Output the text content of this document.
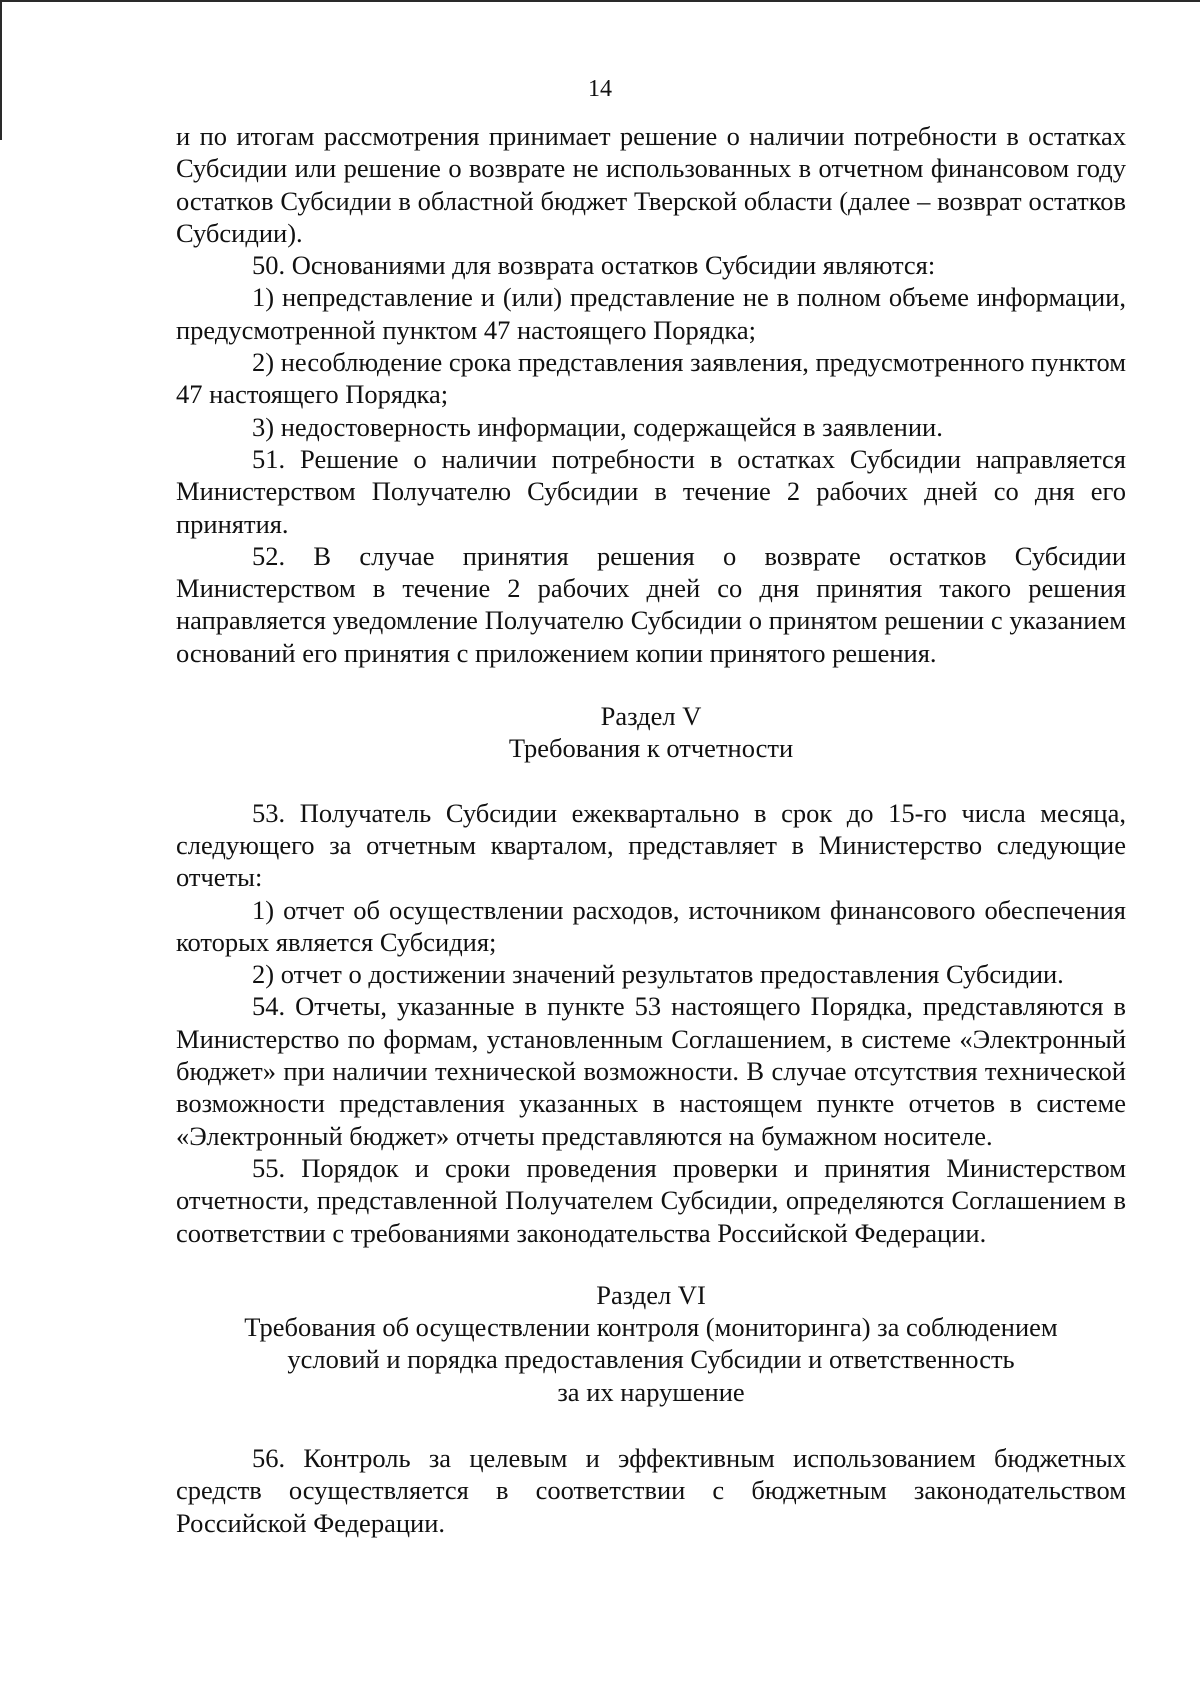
14

и по итогам рассмотрения принимает решение о наличии потребности в остатках Субсидии или решение о возврате не использованных в отчетном финансовом году остатков Субсидии в областной бюджет Тверской области (далее – возврат остатков Субсидии).

50. Основаниями для возврата остатков Субсидии являются:

1) непредставление и (или) представление не в полном объеме информации, предусмотренной пунктом 47 настоящего Порядка;

2) несоблюдение срока представления заявления, предусмотренного пунктом 47 настоящего Порядка;

3) недостоверность информации, содержащейся в заявлении.

51. Решение о наличии потребности в остатках Субсидии направляется Министерством Получателю Субсидии в течение 2 рабочих дней со дня его принятия.

52. В случае принятия решения о возврате остатков Субсидии Министерством в течение 2 рабочих дней со дня принятия такого решения направляется уведомление Получателю Субсидии о принятом решении с указанием оснований его принятия с приложением копии принятого решения.

Раздел V

Требования к отчетности

53. Получатель Субсидии ежеквартально в срок до 15-го числа месяца, следующего за отчетным кварталом, представляет в Министерство следующие отчеты:

1) отчет об осуществлении расходов, источником финансового обеспечения которых является Субсидия;

2) отчет о достижении значений результатов предоставления Субсидии.

54. Отчеты, указанные в пункте 53 настоящего Порядка, представляются в Министерство по формам, установленным Соглашением, в системе «Электронный бюджет» при наличии технической возможности. В случае отсутствия технической возможности представления указанных в настоящем пункте отчетов в системе «Электронный бюджет» отчеты представляются на бумажном носителе.

55. Порядок и сроки проведения проверки и принятия Министерством отчетности, представленной Получателем Субсидии, определяются Соглашением в соответствии с требованиями законодательства Российской Федерации.

Раздел VI

Требования об осуществлении контроля (мониторинга) за соблюдением

условий и порядка предоставления Субсидии и ответственность

за их нарушение

56. Контроль за целевым и эффективным использованием бюджетных средств осуществляется в соответствии с бюджетным законодательством Российской Федерации.
